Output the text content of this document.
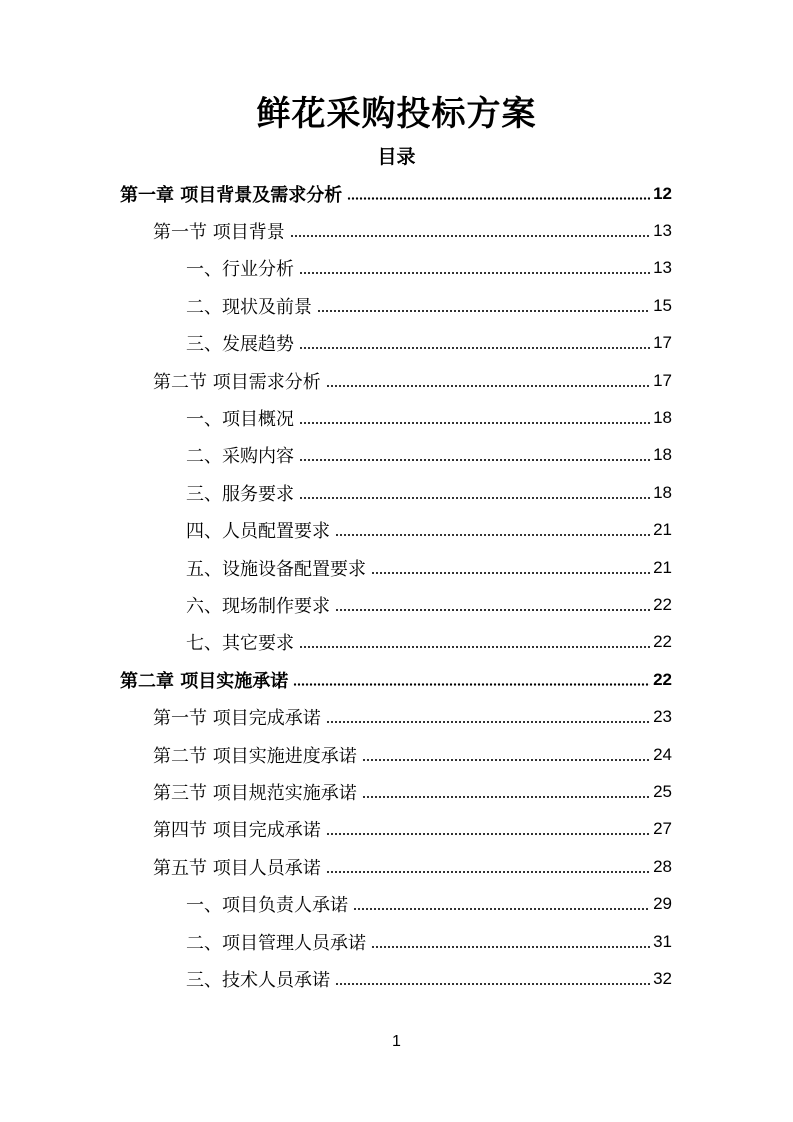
鲜花采购投标方案
目录
第一章 项目背景及需求分析	12
第一节 项目背景	13
一、行业分析	13
二、现状及前景	15
三、发展趋势	17
第二节 项目需求分析	17
一、项目概况	18
二、采购内容	18
三、服务要求	18
四、人员配置要求	21
五、设施设备配置要求	21
六、现场制作要求	22
七、其它要求	22
第二章 项目实施承诺	22
第一节 项目完成承诺	23
第二节 项目实施进度承诺	24
第三节 项目规范实施承诺	25
第四节 项目完成承诺	27
第五节 项目人员承诺	28
一、项目负责人承诺	29
二、项目管理人员承诺	31
三、技术人员承诺	32
1
